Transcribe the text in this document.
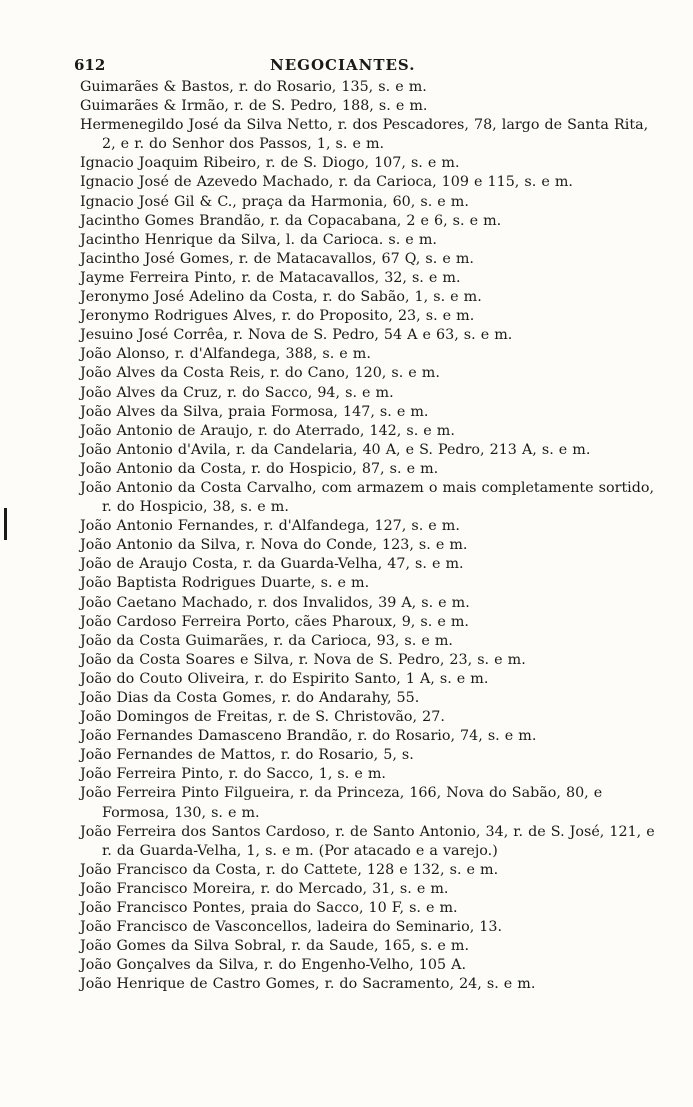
612	NEGOCIANTES.
Guimarães & Bastos, r. do Rosario, 135, s. e m.
Guimarães & Irmão, r. de S. Pedro, 188, s. e m.
Hermenegildo José da Silva Netto, r. dos Pescadores, 78, largo de Santa Rita, 2, e r. do Senhor dos Passos, 1, s. e m.
Ignacio Joaquim Ribeiro, r. de S. Diogo, 107, s. e m.
Ignacio José de Azevedo Machado, r. da Carioca, 109 e 115, s. e m.
Ignacio José Gil & C., praça da Harmonia, 60, s. e m.
Jacintho Gomes Brandão, r. da Copacabana, 2 e 6, s. e m.
Jacintho Henrique da Silva, l. da Carioca. s. e m.
Jacintho José Gomes, r. de Matacavallos, 67 Q, s. e m.
Jayme Ferreira Pinto, r. de Matacavallos, 32, s. e m.
Jeronymo José Adelino da Costa, r. do Sabão, 1, s. e m.
Jeronymo Rodrigues Alves, r. do Proposito, 23, s. e m.
Jesuino José Corrêa, r. Nova de S. Pedro, 54 A e 63, s. e m.
João Alonso, r. d'Alfandega, 388, s. e m.
João Alves da Costa Reis, r. do Cano, 120, s. e m.
João Alves da Cruz, r. do Sacco, 94, s. e m.
João Alves da Silva, praia Formosa, 147, s. e m.
João Antonio de Araujo, r. do Aterrado, 142, s. e m.
João Antonio d'Avila, r. da Candelaria, 40 A, e S. Pedro, 213 A, s. e m.
João Antonio da Costa, r. do Hospicio, 87, s. e m.
João Antonio da Costa Carvalho, com armazem o mais completamente sortido, r. do Hospicio, 38, s. e m.
João Antonio Fernandes, r. d'Alfandega, 127, s. e m.
João Antonio da Silva, r. Nova do Conde, 123, s. e m.
João de Araujo Costa, r. da Guarda-Velha, 47, s. e m.
João Baptista Rodrigues Duarte, s. e m.
João Caetano Machado, r. dos Invalidos, 39 A, s. e m.
João Cardoso Ferreira Porto, cães Pharoux, 9, s. e m.
João da Costa Guimarães, r. da Carioca, 93, s. e m.
João da Costa Soares e Silva, r. Nova de S. Pedro, 23, s. e m.
João do Couto Oliveira, r. do Espirito Santo, 1 A, s. e m.
João Dias da Costa Gomes, r. do Andarahy, 55.
João Domingos de Freitas, r. de S. Christovão, 27.
João Fernandes Damasceno Brandão, r. do Rosario, 74, s. e m.
João Fernandes de Mattos, r. do Rosario, 5, s.
João Ferreira Pinto, r. do Sacco, 1, s. e m.
João Ferreira Pinto Filgueira, r. da Princeza, 166, Nova do Sabão, 80, e Formosa, 130, s. e m.
João Ferreira dos Santos Cardoso, r. de Santo Antonio, 34, r. de S. José, 121, e r. da Guarda-Velha, 1, s. e m. (Por atacado e a varejo.)
João Francisco da Costa, r. do Cattete, 128 e 132, s. e m.
João Francisco Moreira, r. do Mercado, 31, s. e m.
João Francisco Pontes, praia do Sacco, 10 F, s. e m.
João Francisco de Vasconcellos, ladeira do Seminario, 13.
João Gomes da Silva Sobral, r. da Saude, 165, s. e m.
João Gonçalves da Silva, r. do Engenho-Velho, 105 A.
João Henrique de Castro Gomes, r. do Sacramento, 24, s. e m.
